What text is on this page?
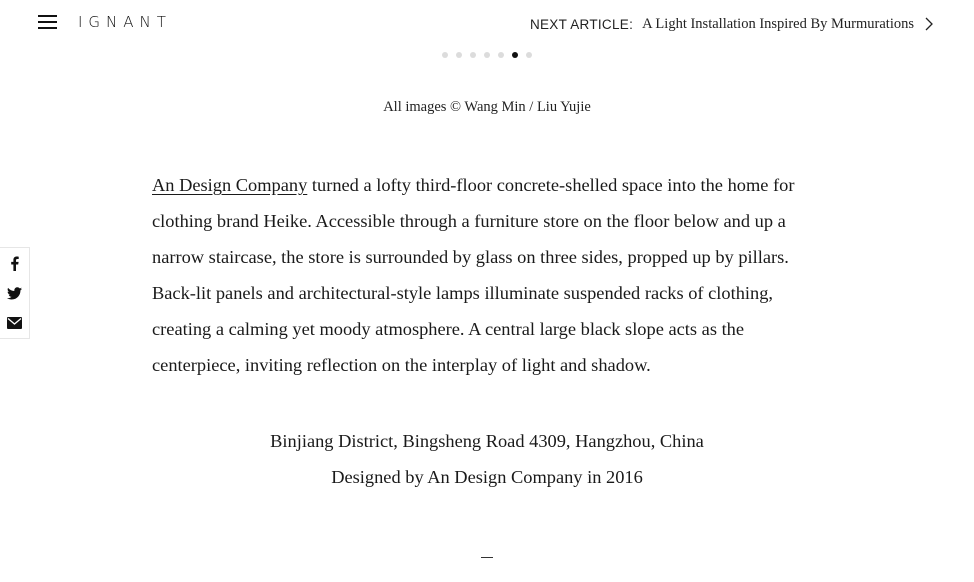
IGNANT	NEXT ARTICLE: A Light Installation Inspired By Murmurations
All images © Wang Min / Liu Yujie
An Design Company turned a lofty third-floor concrete-shelled space into the home for clothing brand Heike. Accessible through a furniture store on the floor below and up a narrow staircase, the store is surrounded by glass on three sides, propped up by pillars. Back-lit panels and architectural-style lamps illuminate suspended racks of clothing, creating a calming yet moody atmosphere. A central large black slope acts as the centerpiece, inviting reflection on the interplay of light and shadow.
Binjiang District, Bingsheng Road 4309, Hangzhou, China
Designed by An Design Company in 2016
